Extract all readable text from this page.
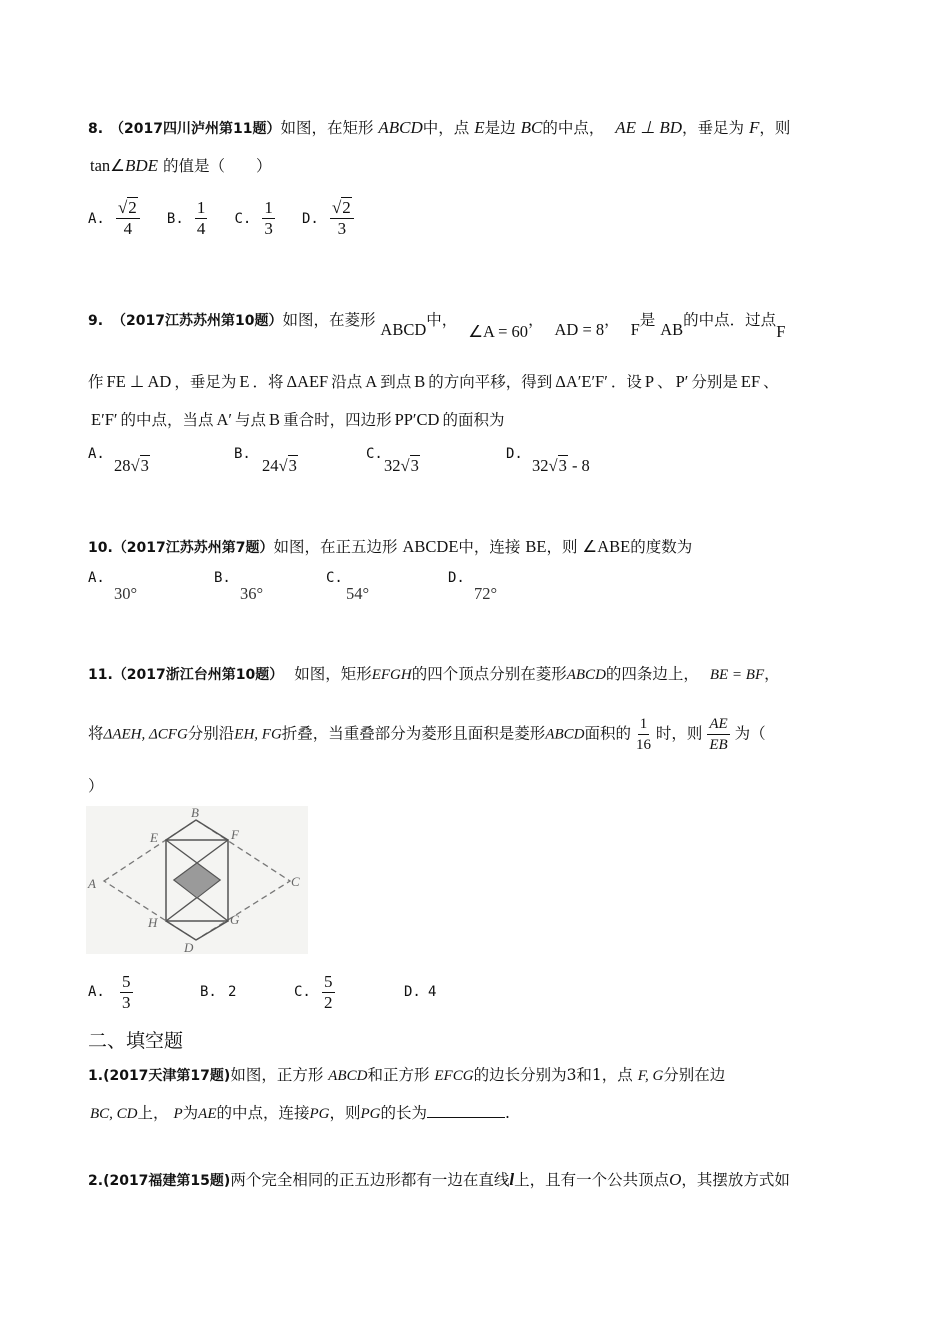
8. （2017四川泸州第11题）如图，在矩形 ABCD中，点 E是边 BC的中点， AE ⊥ BD，垂足为 F，则
tan∠BDE 的值是（　　）
A. $\frac{√2}{4} B$. $\frac{1}{4} C$. $\frac{1}{3} D$. $\frac{√2}{3}$
9. （2017江苏苏州第10题）如图，在菱形 ABCD中， ∠A = 60， AD = 8， F是 AB的中点．过点F
作 FE ⊥ AD ，垂足为 E ．将 ΔAEF 沿点 A 到点 B 的方向平移，得到 ΔA′E′F′ ．设 P 、 P′ 分别是 EF 、
E′F′ 的中点，当点 A′ 与点 B 重合时，四边形 PP′CD 的面积为
A.
28√3
B.
24√3
C.
32√3
D.
32√3 - 8
10.（2017江苏苏州第7题）如图，在正五边形 ABCDE中，连接 BE，则 ∠ABE的度数为
A.
30°
B.
36°
C.
54°
D.
72°
11.（2017浙江台州第10题） 如图，矩形EFGH的四个顶点分别在菱形ABCD的四条边上， BE = BF，
将ΔAEH, ΔCFG分别沿EH, FG折叠，当重叠部分为菱形且面积是菱形ABCD面积的 $\frac{1}{16}$ 时，则 $\frac{AE}{EB}$ 为（
）
A
B
C
D
E	F
G
H
A. $\frac{5}{3}$	B. 2	C. $\frac{5}{2}$	D. 4
二、填空题
1.(2017天津第17题)如图，正方形 ABCD和正方形 EFCG的边长分别为3和1，点 F, G分别在边
BC, CD上， P为AE的中点，连接PG，则PG的长为	.
2.(2017福建第15题)两个完全相同的正五边形都有一边在直线l上，且有一个公共顶点O，其摆放方式如
